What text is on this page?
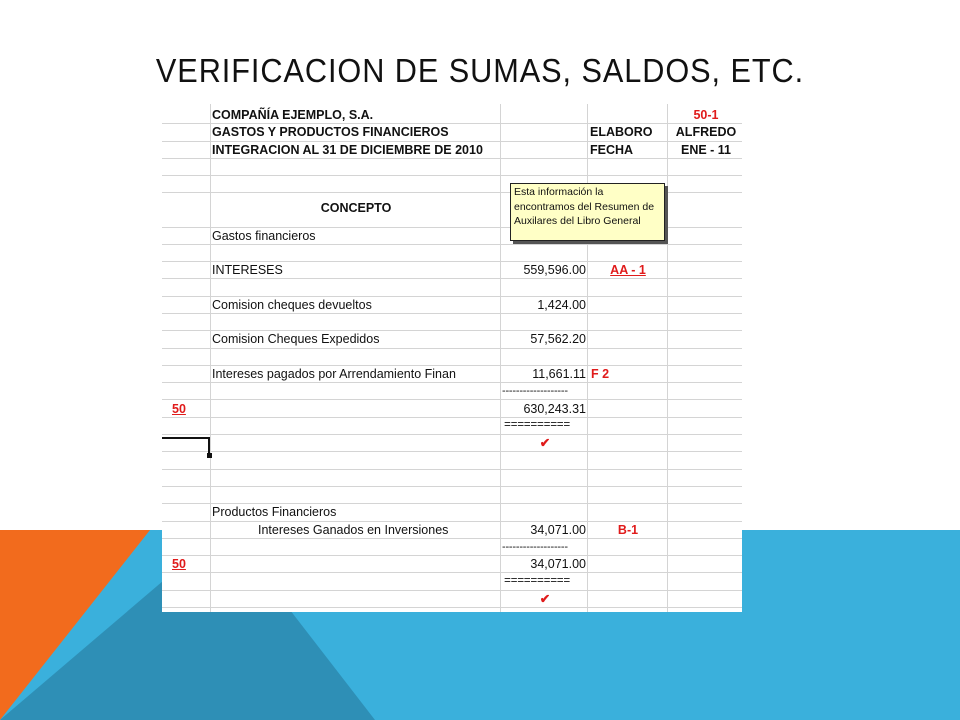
VERIFICACION DE SUMAS, SALDOS, ETC.
COMPAÑÍA EJEMPLO, S.A.	50-1
GASTOS Y PRODUCTOS FINANCIEROS	ELABORO	ALFREDO
INTEGRACION AL 31 DE DICIEMBRE DE 2010	FECHA	ENE - 11
CONCEPTO
Gastos financieros
INTERESES	559,596.00	AA - 1
Comision cheques devueltos	1,424.00
Comision Cheques Expedidos	57,562.20
Intereses pagados por Arrendamiento Finan	11,661.11 F 2
-------------------
50	630,243.31
==========
✔
Productos Financieros
Intereses Ganados en Inversiones	34,071.00	B-1
-------------------
50	34,071.00
==========
✔
Esta información la encontramos del Resumen de Auxilares del Libro General
